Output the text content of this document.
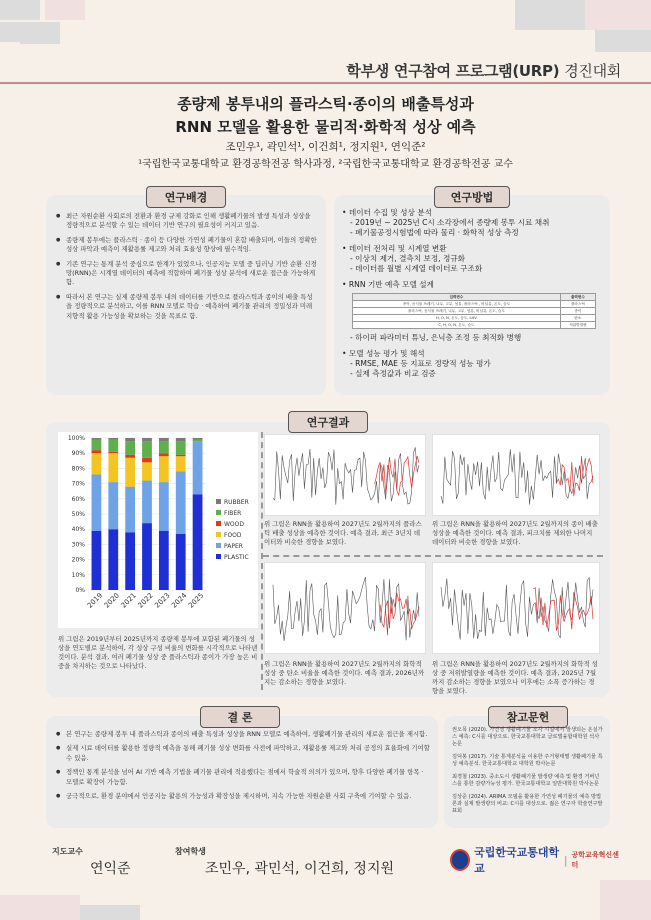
학부생 연구참여 프로그램(URP) 경진대회
종량제 봉투내의 플라스틱·종이의 배출특성과
RNN 모델을 활용한 물리적·화학적 성상 예측
조민우¹, 곽민석¹, 이건희¹, 정지원¹, 연익준²
¹국립한국교통대학교 환경공학전공 학사과정, ²국립한국교통대학교 환경공학전공 교수
연구배경
● 최근 자원순환 사회로의 전환과 환경 규제 강화로 인해 생활폐기물의 발생 특성과 성상을 정량적으로 분석할 수 있는 데이터 기반 연구의 필요성이 커지고 있음.
● 종량제 봉투에는 플라스틱 · 종이 등 다양한 가연성 폐기물이 혼합 배출되며, 이들의 정확한 성상 파악과 예측이 재활용률 제고와 처리 효율성 향상에 필수적임.
● 기존 연구는 통계 분석 중심으로 한계가 있었으나, 인공지능 모델 중 딥러닝 기반 순환 신경망(RNN)은 시계열 데이터의 예측에 적합하여 폐기물 성상 분석에 새로운 접근을 가능하게 함.
● 따라서 본 연구는 실제 종량제 봉투 내의 데이터를 기반으로 플라스틱과 종이의 배출 특성을 정량적으로 분석하고, 이를 RNN 모델로 학습 · 예측하여 폐기물 관리의 정밀성과 미래지향적 활용 가능성을 확보하는 것을 목표로 함.
연구방법
• 데이터 수집 및 성상 분석
- 2019년 ~ 2025년 C시 소각장에서 종량제 봉투 시료 채취
- 폐기물공정시험법에 따라 물리 · 화학적 성상 측정
• 데이터 전처리 및 시계열 변환
- 이상치 제거, 결측치 보정, 정규화
- 데이터를 월별 시계열 데이터로 구조화
• RNN 기반 예측 모델 설계
입력변수	출력변수
종이, 음식물 쓰레기, 나무, 고무, 섬유, 플라스틱 , 비닐류, 온도, 습도	플라스틱
플라스틱, 음식물 쓰레기, 나무, 고무, 섬유, 비닐류, 온도, 습도	종이
H, O, N, 온도, 습도, LHV	탄소
C, H, O, N, 온도, 습도	저위발열량
- 하이퍼 파라미터 튜닝, 은닉층 조정 등 최적화 병행
• 모델 성능 평가 및 해석
- RMSE, MAE 등 지표로 정량적 성능 평가
- 실제 측정값과 비교 검증
연구결과
0%
10%
20%
30%
40%
50%
60%
70%
80%
90%
100%
2019
2020
2021
2022
2023
2024
2025
RUBBER
FIBER
WOOD
FOOD
PAPER
PLASTIC
위 그림은 2019년부터 2025년까지 종량제 봉투에 포함된 폐기물의 성상을 연도별로 분석하여, 각 성상 구성 비율의 변화를 시각적으로 나타낸 것이다. 분석 결과, 여러 폐기물 성상 중 플라스틱과 종이가 가장 높은 비중을 차지하는 것으로 나타났다.
위 그림은 RNN을 활용하여 2027년도 2월까지의 플라스틱 배출 성상을 예측한 것이다. 예측 결과, 최근 3년치 데이터와 비슷한 경향을 보였다.
위 그림은 RNN을 활용하여 2027년도 2월까지의 종이 배출 성상을 예측한 것이다. 예측 결과, 피크치를 제외한 나머지 데이터와 비슷한 경향을 보였다.
위 그림은 RNN을 활용하여 2027년도 2월까지의 화학적 성상 중 탄소 비율을 예측한 것이다. 예측 결과, 2026년까지는 감소하는 경향을 보였다.
위 그림은 RNN을 활용하여 2027년도 2월까지의 화학적 성상 중 저위발열량을 예측한 것이다. 예측 결과, 2025년 7월까지 감소하는 경향을 보였으나 이후에는 소폭 증가하는 경향을 보였다.
결 론
● 본 연구는 종량제 봉투 내 플라스틱과 종이의 배출 특성과 성상을 RNN 모델로 예측하여, 생활폐기물 관리의 새로운 접근을 제시함.
● 실제 시료 데이터를 활용한 정량적 예측을 통해 폐기물 성상 변화를 사전에 파악하고, 재활용률 제고와 처리 공정의 효율화에 기여할 수 있음.
● 정책인 통계 분석을 넘어 AI 기반 예측 기법을 폐기물 관리에 적용했다는 점에서 학술적 의의가 있으며, 향후 다양한 폐기물 항목 · 모델로 확장이 가능함.
● 궁극적으로, 환경 분야에서 인공지능 활용의 가능성과 확장성을 제시하며, 지속 가능한 자원순환 사회 구축에 기여할 수 있음.
참고문헌
권오목 (2020). 가연성 생활폐기물 소각 시설에서 발생되는 온실가스 예측: C시를 대상으로. 한국교통대학교 글로벌융합대학원 석사논문
김덕봉 (2017). 기술 통계분석을 이용한 주거형태별 생활폐기물 특성 예측분석. 한국교통대학교 대학원 박사논문
최경철 (2023). 중소도시 생활폐기물 발생량 예측 및 환경 거버넌스를 통한 감량가능성 평가. 한국교통대학교 일반대학원 박사논문
김상준 (2024). ARIMA 모델을 활용한 가연성 폐기물의 예측 방법론과 실제 발생량의 비교: C시를 대상으로. 젊은 연구자 학술연구발표회
지도교수
연익준
참여학생
조민우, 곽민석, 이건희, 정지원
국립한국교통대학교
| 공학교육혁신센터
